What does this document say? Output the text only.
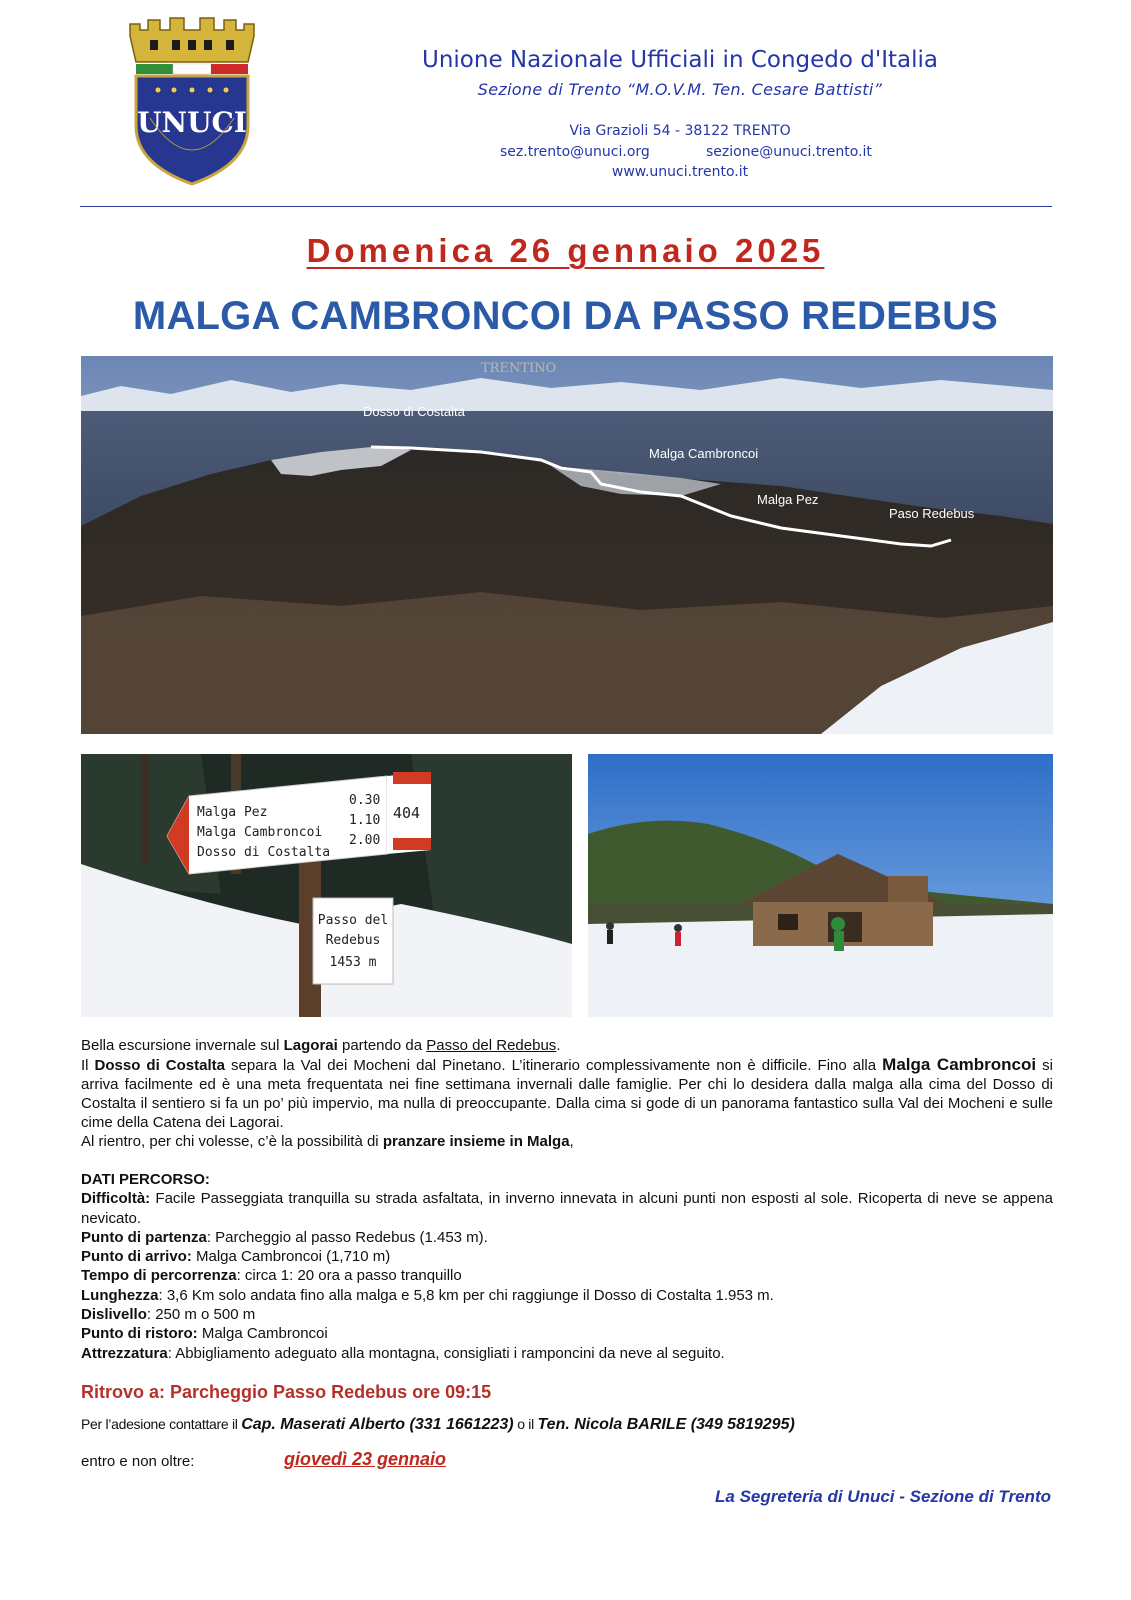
UNUCI
Unione Nazionale Ufficiali in Congedo d'Italia
Sezione di Trento “M.O.V.M. Ten. Cesare Battisti”
Via Grazioli 54 - 38122 TRENTO
sez.trento@unuci.org	sezione@unuci.trento.it
www.unuci.trento.it
Domenica 26 gennaio 2025
MALGA CAMBRONCOI DA PASSO REDEBUS
TRENTINO
Dosso di Costalta
Malga Cambroncoi
Malga Pez
Paso Redebus
Malga Pez
0.30
Malga Cambroncoi
1.10
Dosso di Costalta
2.00
404
Passo del
Redebus
1453 m

Bella escursione invernale sul Lagorai partendo da Passo del Redebus.

Il Dosso di Costalta separa la Val dei Mocheni dal Pinetano. L’itinerario complessivamente non è difficile. Fino alla Malga Cambroncoi si arriva facilmente ed è una meta frequentata nei fine settimana invernali dalle famiglie. Per chi lo desidera dalla malga alla cima del Dosso di Costalta il sentiero si fa un po’ più impervio, ma nulla di preoccupante. Dalla cima si gode di un panorama fantastico sulla Val dei Mocheni e sulle cime della Catena dei Lagorai.

Al rientro, per chi volesse, c’è la possibilità di pranzare insieme in Malga,

DATI PERCORSO:
Difficoltà: Facile Passeggiata tranquilla su strada asfaltata, in inverno innevata in alcuni punti non esposti al sole. Ricoperta di neve se appena nevicato.
Punto di partenza: Parcheggio al passo Redebus (1.453 m).
Punto di arrivo: Malga Cambroncoi (1,710 m)
Tempo di percorrenza: circa 1: 20 ora a passo tranquillo
Lunghezza: 3,6 Km solo andata fino alla malga e 5,8 km per chi raggiunge il Dosso di Costalta 1.953 m.
Dislivello: 250 m o 500 m
Punto di ristoro: Malga Cambroncoi
Attrezzatura: Abbigliamento adeguato alla montagna, consigliati i ramponcini da neve al seguito.
Ritrovo a: Parcheggio Passo Redebus ore 09:15
Per l’adesione contattare il Cap. Maserati Alberto (331 1661223) o il Ten. Nicola BARILE (349 5819295)
entro e non oltre:	giovedì 23 gennaio
La Segreteria di Unuci - Sezione di Trento
